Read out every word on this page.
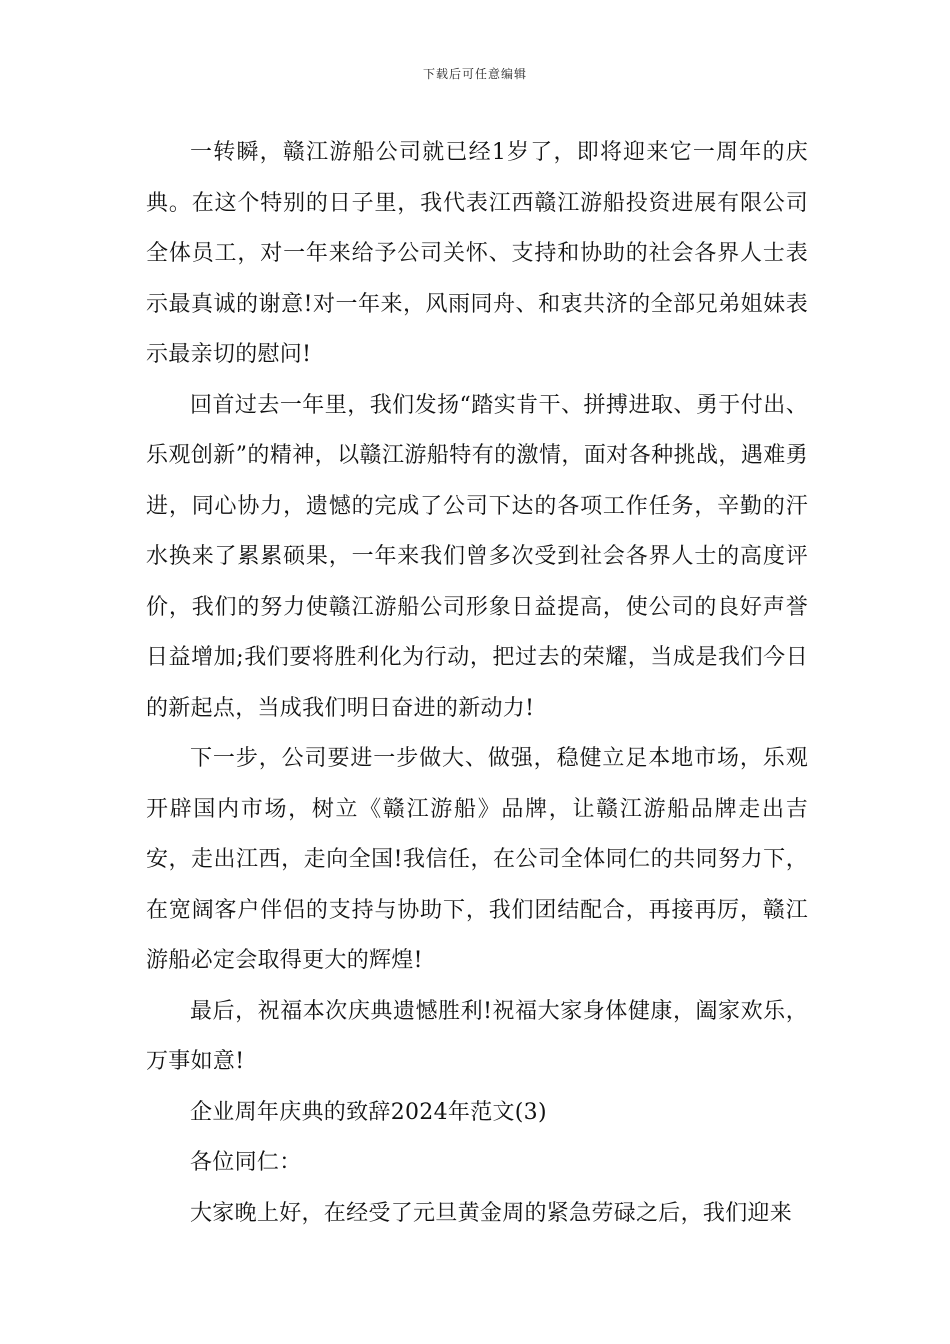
下载后可任意编辑

一转瞬，赣江游船公司就已经1岁了，即将迎来它一周年的庆典。在这个特别的日子里，我代表江西赣江游船投资进展有限公司全体员工，对一年来给予公司关怀、支持和协助的社会各界人士表示最真诚的谢意!对一年来，风雨同舟、和衷共济的全部兄弟姐妹表示最亲切的慰问!

回首过去一年里，我们发扬“踏实肯干、拼搏进取、勇于付出、乐观创新”的精神，以赣江游船特有的激情，面对各种挑战，遇难勇进，同心协力，遗憾的完成了公司下达的各项工作任务，辛勤的汗水换来了累累硕果，一年来我们曾多次受到社会各界人士的高度评价，我们的努力使赣江游船公司形象日益提高，使公司的良好声誉日益增加;我们要将胜利化为行动，把过去的荣耀，当成是我们今日的新起点，当成我们明日奋进的新动力!

下一步，公司要进一步做大、做强，稳健立足本地市场，乐观开辟国内市场，树立《赣江游船》品牌，让赣江游船品牌走出吉安，走出江西，走向全国!我信任，在公司全体同仁的共同努力下，在宽阔客户伴侣的支持与协助下，我们团结配合，再接再厉，赣江游船必定会取得更大的辉煌!

最后，祝福本次庆典遗憾胜利!祝福大家身体健康，阖家欢乐，万事如意!

企业周年庆典的致辞2024年范文(3)

各位同仁：

大家晚上好，在经受了元旦黄金周的紧急劳碌之后，我们迎来
